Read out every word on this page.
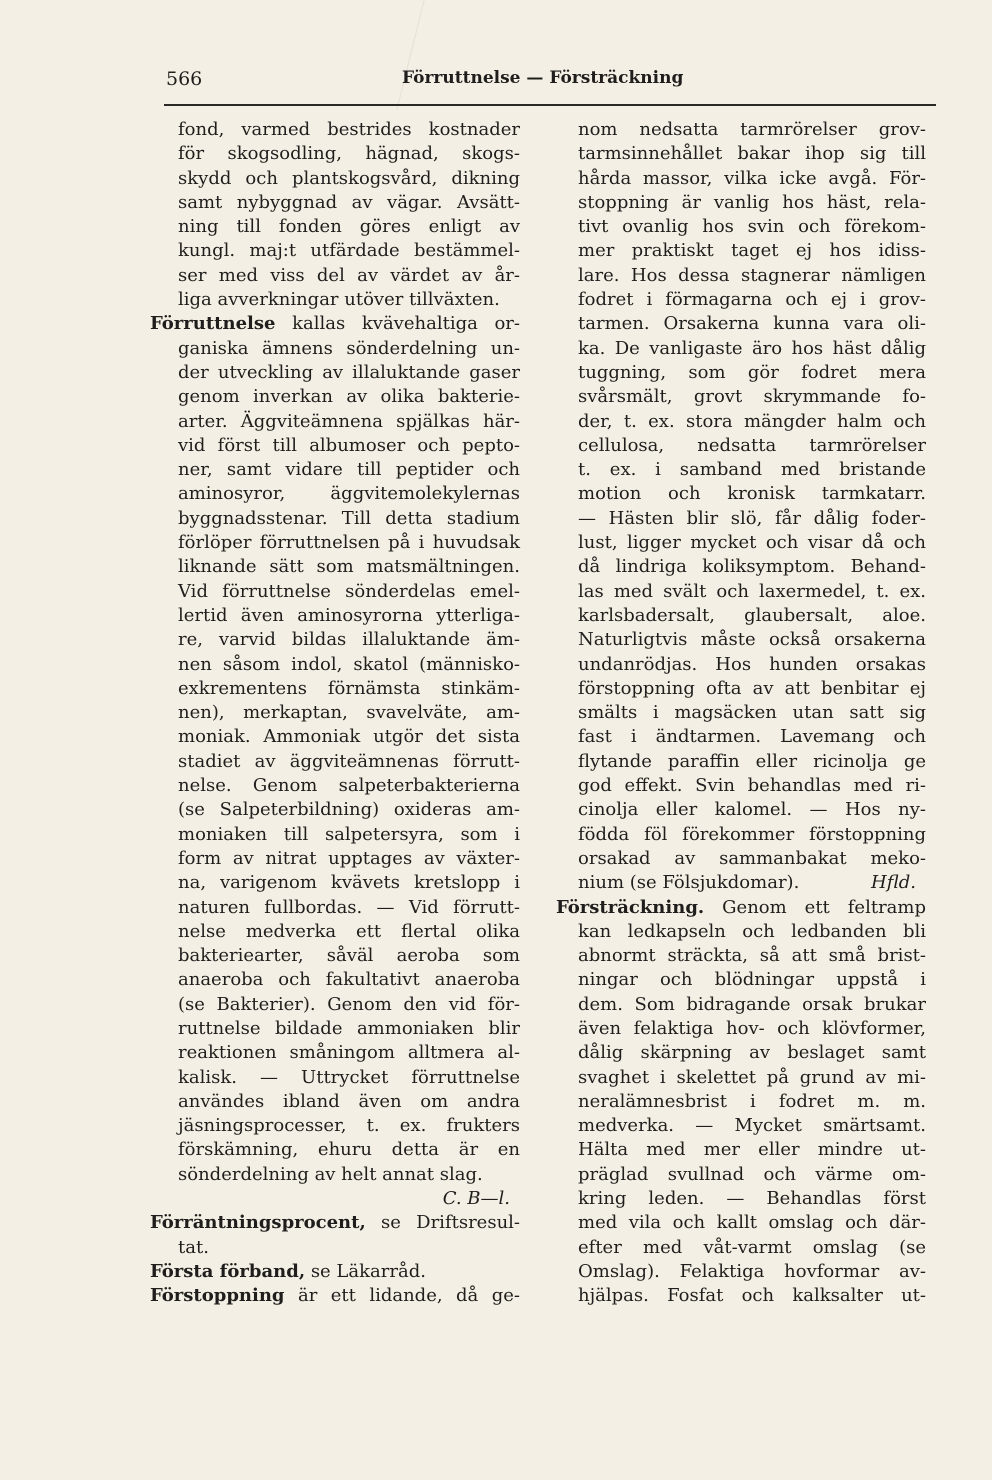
566	Förruttnelse — Försträckning
fond, varmed bestrides kostnader
för skogsodling, hägnad, skogs-
skydd och plantskogsvård, dikning
samt nybyggnad av vägar. Avsätt-
ning till fonden göres enligt av
kungl. maj:t utfärdade bestämmel-
ser med viss del av värdet av år-
liga avverkningar utöver tillväxten.
Förruttnelse kallas kvävehaltiga or-
ganiska ämnens sönderdelning un-
der utveckling av illaluktande gaser
genom inverkan av olika bakterie-
arter. Äggviteämnena spjälkas här-
vid först till albumoser och pepto-
ner, samt vidare till peptider och
aminosyror, äggvitemolekylernas
byggnadsstenar. Till detta stadium
förlöper förruttnelsen på i huvudsak
liknande sätt som matsmältningen.
Vid förruttnelse sönderdelas emel-
lertid även aminosyrorna ytterliga-
re, varvid bildas illaluktande äm-
nen såsom indol, skatol (människo-
exkrementens förnämsta stinkäm-
nen), merkaptan, svavelväte, am-
moniak. Ammoniak utgör det sista
stadiet av äggviteämnenas förrutt-
nelse. Genom salpeterbakterierna
(se Salpeterbildning) oxideras am-
moniaken till salpetersyra, som i
form av nitrat upptages av växter-
na, varigenom kvävets kretslopp i
naturen fullbordas. — Vid förrutt-
nelse medverka ett flertal olika
bakteriearter, såväl aeroba som
anaeroba och fakultativt anaeroba
(se Bakterier). Genom den vid för-
ruttnelse bildade ammoniaken blir
reaktionen småningom alltmera al-
kalisk. — Uttrycket förruttnelse
användes ibland även om andra
jäsningsprocesser, t. ex. frukters
förskämning, ehuru detta är en
sönderdelning av helt annat slag.
C. B—l.
Förräntningsprocent, se Driftsresul-
tat.
Första förband, se Läkarråd.
Förstoppning är ett lidande, då ge-
nom nedsatta tarmrörelser grov-
tarmsinnehållet bakar ihop sig till
hårda massor, vilka icke avgå. För-
stoppning är vanlig hos häst, rela-
tivt ovanlig hos svin och förekom-
mer praktiskt taget ej hos idiss-
lare. Hos dessa stagnerar nämligen
fodret i förmagarna och ej i grov-
tarmen. Orsakerna kunna vara oli-
ka. De vanligaste äro hos häst dålig
tuggning, som gör fodret mera
svårsmält, grovt skrymmande fo-
der, t. ex. stora mängder halm och
cellulosa, nedsatta tarmrörelser
t. ex. i samband med bristande
motion och kronisk tarmkatarr.
— Hästen blir slö, får dålig foder-
lust, ligger mycket och visar då och
då lindriga koliksymptom. Behand-
las med svält och laxermedel, t. ex.
karlsbadersalt, glaubersalt, aloe.
Naturligtvis måste också orsakerna
undanrödjas. Hos hunden orsakas
förstoppning ofta av att benbitar ej
smälts i magsäcken utan satt sig
fast i ändtarmen. Lavemang och
flytande paraffin eller ricinolja ge
god effekt. Svin behandlas med ri-
cinolja eller kalomel. — Hos ny-
födda föl förekommer förstoppning
orsakad av sammanbakat meko-
nium (se Fölsjukdomar).	Hfld.
Försträckning. Genom ett feltramp
kan ledkapseln och ledbanden bli
abnormt sträckta, så att små brist-
ningar och blödningar uppstå i
dem. Som bidragande orsak brukar
även felaktiga hov- och klövformer,
dålig skärpning av beslaget samt
svaghet i skelettet på grund av mi-
neralämnesbrist i fodret m. m.
medverka. — Mycket smärtsamt.
Hälta med mer eller mindre ut-
präglad svullnad och värme om-
kring leden. — Behandlas först
med vila och kallt omslag och där-
efter med våt-varmt omslag (se
Omslag). Felaktiga hovformar av-
hjälpas. Fosfat och kalksalter ut-
